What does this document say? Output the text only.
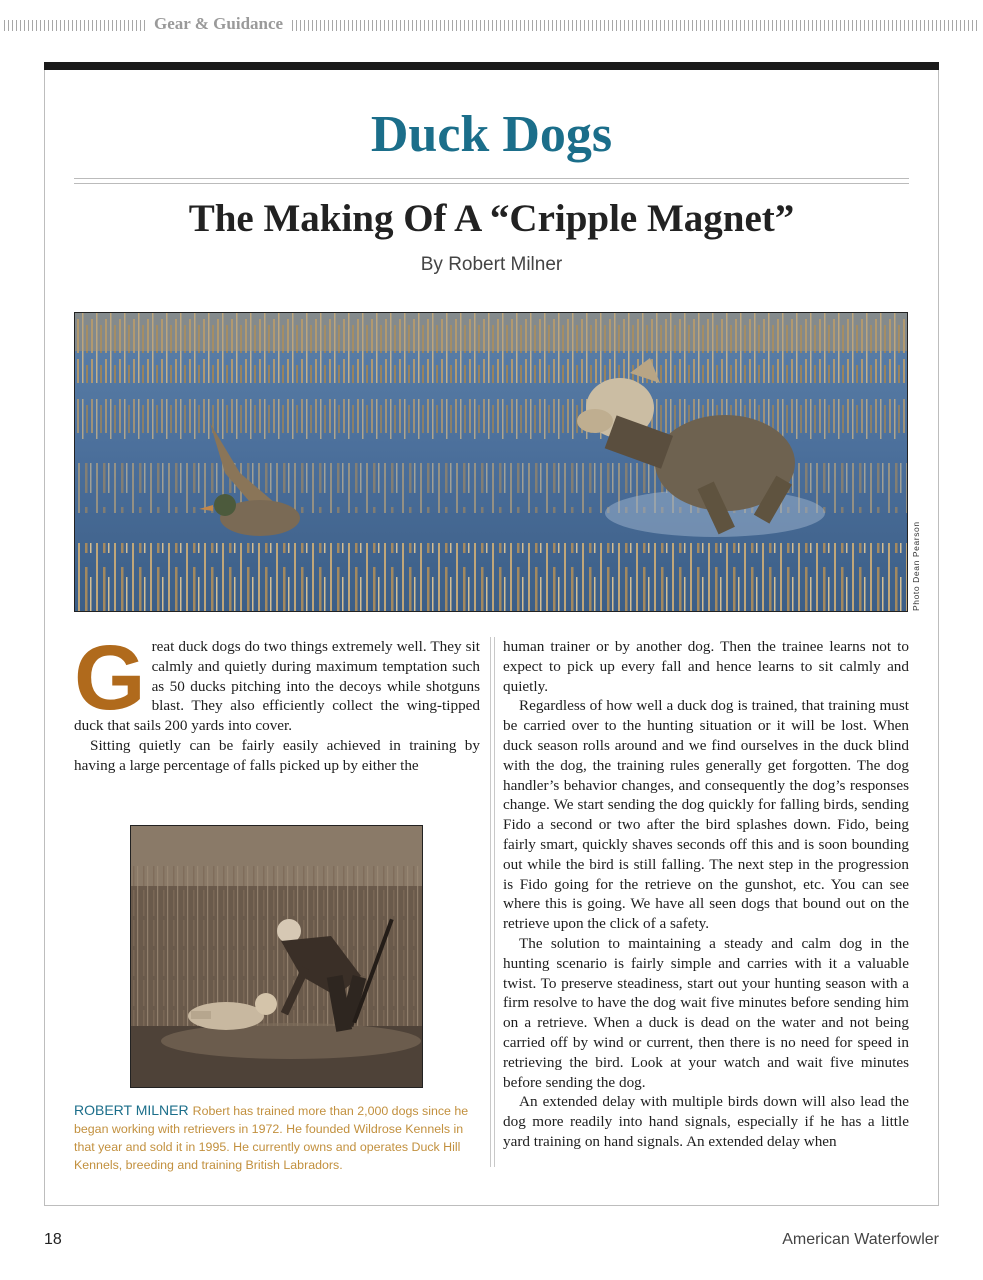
Gear & Guidance
Duck Dogs
The Making Of A “Cripple Magnet”
By Robert Milner
Photo Dean Pearson

Great duck dogs do two things extremely well. They sit calmly and quietly during maximum temptation such as 50 ducks pitching into the decoys while shotguns blast. They also efficiently collect the wing-tipped duck that sails 200 yards into cover.

Sitting quietly can be fairly easily achieved in training by having a large percentage of falls picked up by either the

human trainer or by another dog. Then the trainee learns not to expect to pick up every fall and hence learns to sit calmly and quietly.

Regardless of how well a duck dog is trained, that training must be carried over to the hunting situation or it will be lost. When duck season rolls around and we find ourselves in the duck blind with the dog, the training rules generally get forgotten. The dog handler’s behavior changes, and consequently the dog’s responses change. We start sending the dog quickly for falling birds, sending Fido a second or two after the bird splashes down. Fido, being fairly smart, quickly shaves seconds off this and is soon bounding out while the bird is still falling. The next step in the progression is Fido going for the retrieve on the gunshot, etc. You can see where this is going. We have all seen dogs that bound out on the retrieve upon the click of a safety.

The solution to maintaining a steady and calm dog in the hunting scenario is fairly simple and carries with it a valuable twist. To preserve steadiness, start out your hunting season with a firm resolve to have the dog wait five minutes before sending him on a retrieve. When a duck is dead on the water and not being carried off by wind or current, then there is no need for speed in retrieving the bird. Look at your watch and wait five minutes before sending the dog.

An extended delay with multiple birds down will also lead the dog more readily into hand signals, especially if he has a little yard training on hand signals. An extended delay when

ROBERT MILNER Robert has trained more than 2,000 dogs since he began working with retrievers in 1972. He founded Wildrose Kennels in that year and sold it in 1995. He currently owns and operates Duck Hill Kennels, breeding and training British Labradors.
18	American Waterfowler
